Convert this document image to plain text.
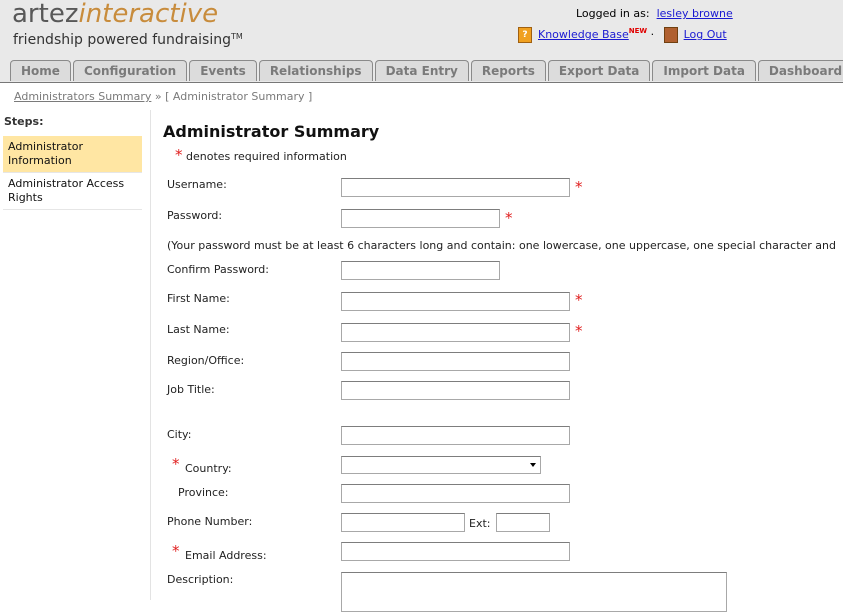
artezinteractive
friendship powered fundraising™
Logged in as: lesley browne
? Knowledge Base$^{NEW}$ ·	Log Out
Home Configuration Events Relationships Data Entry Reports Export Data Import Data Dashboard
Administrators Summary » [ Administrator Summary ]
Steps:
Administrator Information
Administrator Access Rights
Administrator Summary
* denotes required information
Username:	*
Password:	*
(Your password must be at least 6 characters long and contain: one lowercase, one uppercase, one special character and
Confirm Password:
First Name:	*
Last Name:	*
Region/Office:
Job Title:
City:
* Country:
Province:
Phone Number:	Ext:
* Email Address:
Description:
